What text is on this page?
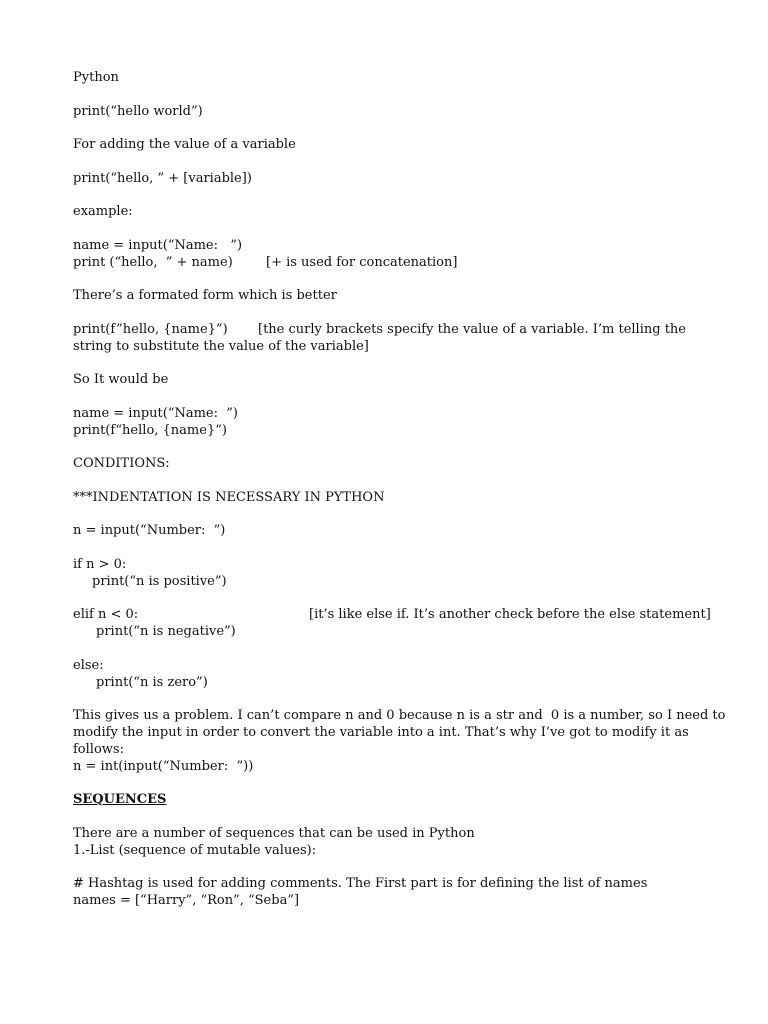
Python
print(“hello world”)
For adding the value of a variable
print(“hello, ” + [variable])
example:
name = input(“Name:   ”)
print (“hello,  ” + name)	[+ is used for concatenation]
There’s a formated form which is better
print(f”hello, {name}”) [the curly brackets specify the value of a variable. I’m telling the
string to substitute the value of the variable]
So It would be
name = input(“Name:  ”)
print(f“hello, {name}”)
CONDITIONS:
***INDENTATION IS NECESSARY IN PYTHON
n = input(“Number:  ”)
if n > 0:
print(“n is positive”)
elif n < 0:	[it’s like else if. It’s another check before the else statement]
print(“n is negative”)
else:
print(“n is zero”)
This gives us a problem. I can’t compare n and 0 because n is a str and  0 is a number, so I need to
modify the input in order to convert the variable into a int. That’s why I’ve got to modify it as
follows:
n = int(input(“Number:  ”))
SEQUENCES
There are a number of sequences that can be used in Python
1.-List (sequence of mutable values):
# Hashtag is used for adding comments. The First part is for defining the list of names
names = [“Harry”, “Ron”, “Seba”]
